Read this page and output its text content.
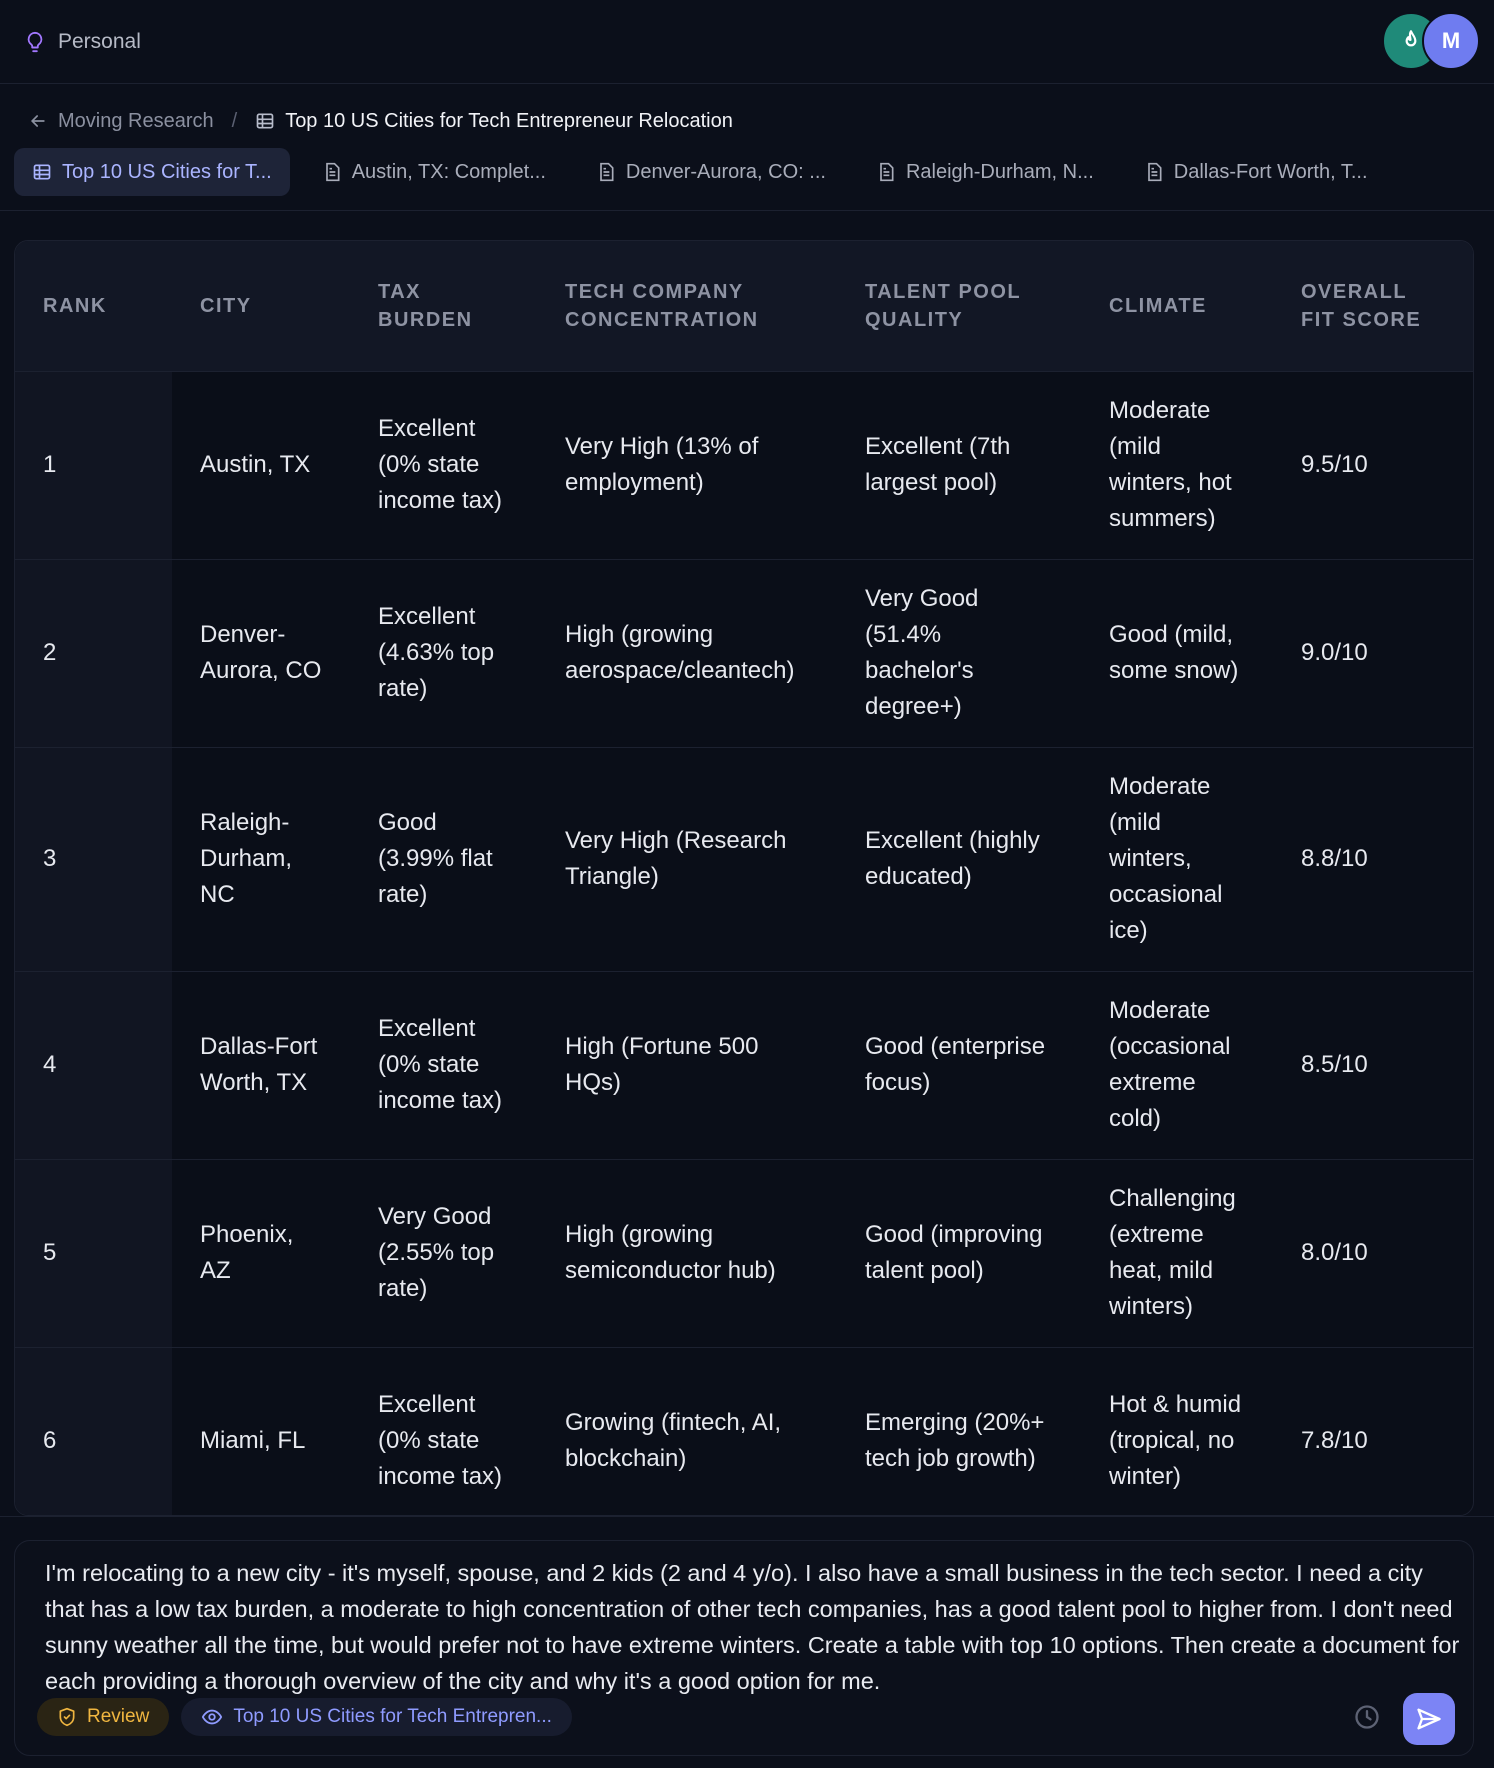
Personal	M
Moving Research / Top 10 US Cities for Tech Entrepreneur Relocation
Top 10 US Cities for T...	Austin, TX: Complet...	Denver-Aurora, CO: ...	Raleigh-Durham, N...	Dallas-Fort Worth, T...
RANK	CITY	TAX BURDEN	TECH COMPANY CONCENTRATION	TALENT POOL QUALITY	CLIMATE	OVERALL FIT SCORE
1	Austin, TX	Excellent (0% state income tax)	Very High (13% of employment)	Excellent (7th largest pool)	Moderate (mild winters, hot summers)	9.5/10
2	Denver-Aurora, CO	Excellent (4.63% top rate)	High (growing aerospace/cleantech)	Very Good (51.4% bachelor's degree+)	Good (mild, some snow)	9.0/10
3	Raleigh-Durham, NC	Good (3.99% flat rate)	Very High (Research Triangle)	Excellent (highly educated)	Moderate (mild winters, occasional ice)	8.8/10
4	Dallas-Fort Worth, TX	Excellent (0% state income tax)	High (Fortune 500 HQs)	Good (enterprise focus)	Moderate (occasional extreme cold)	8.5/10
5	Phoenix, AZ	Very Good (2.55% top rate)	High (growing semiconductor hub)	Good (improving talent pool)	Challenging (extreme heat, mild winters)	8.0/10
6	Miami, FL	Excellent (0% state income tax)	Growing (fintech, AI, blockchain)	Emerging (20%+ tech job growth)	Hot & humid (tropical, no winter)	7.8/10
I'm relocating to a new city - it's myself, spouse, and 2 kids (2 and 4 y/o). I also have a small business in the tech sector. I need a city that has a low tax burden, a moderate to high concentration of other tech companies, has a good talent pool to higher from. I don't need sunny weather all the time, but would prefer not to have extreme winters. Create a table with top 10 options. Then create a document for each providing a thorough overview of the city and why it's a good option for me.
Review	Top 10 US Cities for Tech Entrepren...
